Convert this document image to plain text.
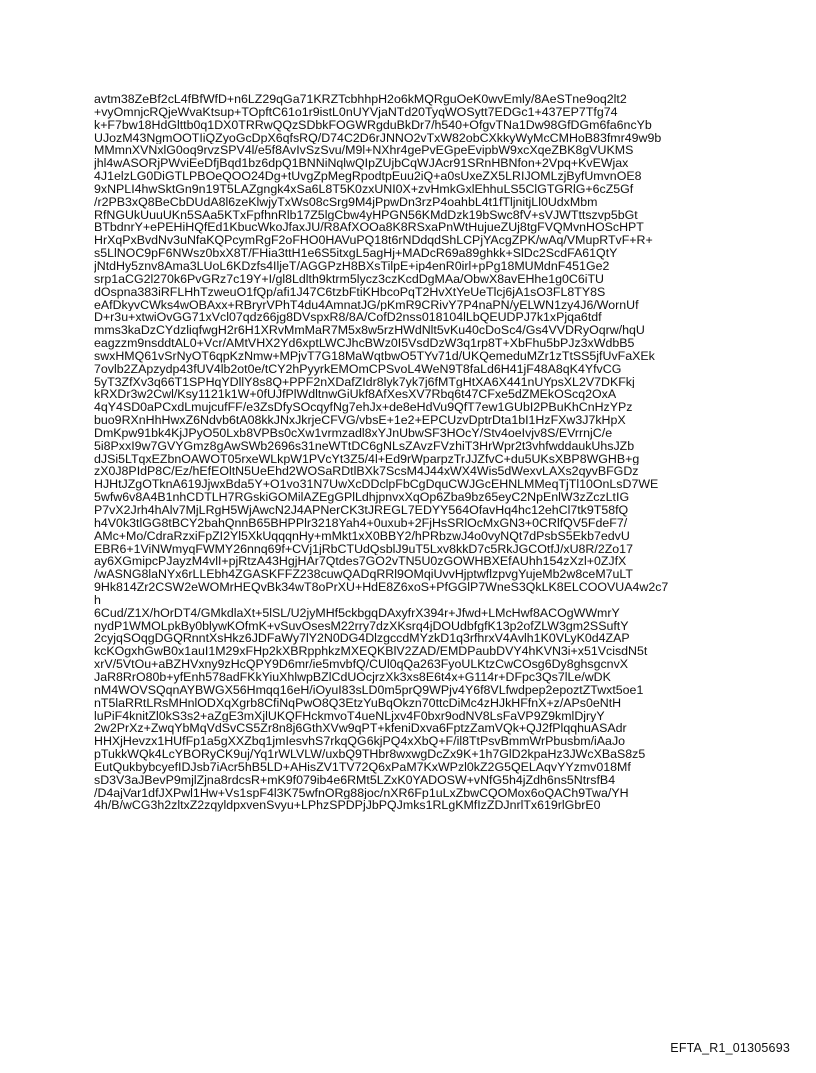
avtm38ZeBf2cL4fBfWfD+n6LZ29qGa71KRZTcbhhpH2o6kMQRguOeK0wvEmly/8AeSTne9oq2lt2
+vyOmnjcRQjeWvaKtsup+TOpftC61o1r9istL0nUYVjaNTd20TyqWOSytt7EDGc1+437EP7Tfg74
k+F7bw18HdGlttb0q1DX0TRRwQQzSDbkFOGWRgduBkDr7/h540+OfgvTNa1Dw98GfDGm6fa6ncYb
UJozM43NgmOOTIiQZyoGcDpX6qfsRQ/D74C2D6rJNNO2vTxW82obCXkkyWyMcCMHoB83fmr49w9b
MMmnXVNxlG0oq9rvzSPV4l/e5f8AvIvSzSvu/M9l+NXhr4gePvEGpeEvipbW9xcXqeZBK8gVUKMS
jhl4wASORjPWviEeDfjBqd1bz6dpQ1BNNiNqlwQIpZUjbCqWJAcr91SRnHBNfon+2Vpq+KvEWjax
4J1elzLG0DiGTLPBOeQOO24Dg+tUvgZpMegRpodtpEuu2iQ+a0sUxeZX5LRIJOMLzjByfUmvnOE8
9xNPLI4hwSktGn9n19T5LAZgngk4xSa6L8T5K0zxUNI0X+zvHmkGxlEhhuLS5ClGTGRlG+6cZ5Gf
/r2PB3xQ8BeCbDUdA8l6zeKlwjyTxWs08cSrg9M4jPpwDn3rzP4oahbL4t1fTljnitjLl0UdxMbm
RfNGUkUuuUKn5SAa5KTxFpfhnRlb17Z5lgCbw4yHPGN56KMdDzk19bSwc8fV+sVJWTttszvp5bGt
BTbdnrY+ePEHiHQfEd1KbucWkoJfaxJU/R8AfXOOa8K8RSxaPnWtHujueZUj8tgFVQMvnHOScHPT
HrXqPxBvdNv3uNfaKQPcymRgF2oFHO0HAVuPQ18t6rNDdqdShLCPjYAcgZPK/wAq/VMupRTvF+R+
s5LlNOC9pF6NWsz0bxX8T/FHia3ttH1e6S5itxgL5agHj+MADcR69a89ghkk+SlDc2ScdFA61QtY
jNtdHy5znv8Ama3LUoL6KDzfs4IljeT/AGGPzH8BXsTilpE+ip4enR0irl+pPg18MUMdnF451Ge2
srp1aCG2l270k6PvGRz7c19Y+I/gl8Ldlth9ktrm5lycz3czKcdDgMAa/ObwX8avEHhe1g0C6iTU
dOspna383iRFLHhTzweuO1fQp/afi1J47C6tzbFtiKHbcoPqT2HvXtYeUeTlcj6jA1sO3FL8TY8S
eAfDkyvCWks4wOBAxx+RBryrVPhT4du4AmnatJG/pKmR9CRivY7P4naPN/yELWN1zy4J6/WornUf
D+r3u+xtwiOvGG71xVcl07qdz66jg8DVspxR8/8A/CofD2nss018104lLbQEUDPJ7k1xPjqa6tdf
mms3kaDzCYdzliqfwgH2r6H1XRvMmMaR7M5x8w5rzHWdNlt5vKu40cDoSc4/Gs4VVDRyOqrw/hqU
eagzzm9nsddtAL0+Vcr/AMtVHX2Yd6xptLWCJhcBWz0I5VsdDzW3q1rp8T+XbFhu5bPJz3xWdbB5
swxHMQ61vSrNyOT6qpKzNmw+MPjvT7G18MaWqtbwO5TYv71d/UKQemeduMZr1zTtSS5jfUvFaXEk
7ovlb2ZApzydp43fUV4lb2ot0e/tCY2hPyyrkEMOmCPSvoL4WeN9T8faLd6H41jF48A8qK4YfvCG
5yT3ZfXv3q66T1SPHqYDllY8s8Q+PPF2nXDafZIdr8lyk7yk7j6fMTgHtXA6X441nUYpsXL2V7DKFkj
kRXDr3w2Cwl/Ksy1121k1W+0fUJfPlWdltnwGiUkf8AfXesXV7Rbq6t47CFxe5dZMEkOScq2OxA
4qY4SD0aPCxdLmujcufFF/e3ZsDfySOcqyfNg7ehJx+de8eHdVu9QfT7ew1GUbI2PBuKhCnHzYPz
buo9RXnHhHwxZ6Ndvb6tA08kkJNxJkrjeCFVG/vbsE+1e2+EPCUzvDptrDta1bI1HzFXw3J7kHpX
DmKpw91bk4KjJPyO50Lxb8VPBs0cXw1vrmzadl8xYJnUbwSF3HOcY/Stv4oeIvjv8S/EVrrnjC/e
5i8PxxI9w7GVYGmz8gAwSWb2696s31neWTtDC6gNLsZAvzFVzhiT3HrWpr2t3vhfwddaukUhsJZb
dJSi5LTqxEZbnOAWOT05rxeWLkpW1PVcYt3Z5/4l+Ed9rWparpzTrJJZfvC+du5UKsXBP8WGHB+g
zX0J8PIdP8C/Ez/hEfEOltN5UeEhd2WOSaRDtlBXk7ScsM4J44xWX4Wis5dWexvLAXs2qyvBFGDz
HJHtJZgOTknA619JjwxBda5Y+O1vo31N7UwXcDDclpFbCgDquCWJGcEHNLMMeqTjTl10OnLsD7WE
5wfw6v8A4B1nhCDTLH7RGskiGOMilAZEgGPlLdhjpnvxXqOp6Zba9bz65eyC2NpEnlW3zZczLtIG
P7vX2Jrh4hAlv7MjLRgH5WjAwcN2J4APNerCK3tJREGL7EDYY564OfavHq4hc12ehCl7tk9T58fQ
h4V0k3tlGG8tBCY2bahQnnB65BHPPlr3218Yah4+0uxub+2FjHsSRlOcMxGN3+0CRlfQV5FdeF7/
AMc+Mo/CdraRzxiFpZI2Yl5XkUqqqnHy+mMkt1xX0BBY2/hPRbzwJ4o0vyNQt7dPsbS5Ekb7edvU
EBR6+1ViNWmyqFWMY26nnq69f+CVj1jRbCTUdQsblJ9uT5Lxv8kkD7c5RkJGCOtfJ/xU8R/2Zo17
ay6XGmipcPJayzM4vlI+pjRtzA43HgjHAr7Qtdes7GO2vTN5U0zGOWHBXEfAUhh154zXzl+0ZJfX
/wASNG8laNYx6rLLEbh4ZGASKFFZ238cuwQADqRRl9OMqiUvvHjptwflzpvgYujeMb2w8ceM7uLT
9Hk814Zr2CSW2eWOMrHEQvBk34wT8oPrXU+HdE8Z6xoS+PfGGlP7WneS3QkLK8ELCOOVUA4w2c7
h
6Cud/Z1X/hOrDT4/GMkdlaXt+5lSL/U2jyMHf5ckbgqDAxyfrX394r+Jfwd+LMcHwf8ACOgWWmrY
nydP1WMOLpkBy0blywKOfmK+vSuvOsesM22rry7dzXKsrq4jDOUdbfgfK13p2ofZLW3gm2SSuftY
2cyjqSOqgDGQRnntXsHkz6JDFaWy7lY2N0DG4DlzgccdMYzkD1q3rfhrxV4Avlh1K0VLyK0d4ZAP
kcKOgxhGwB0x1auI1M29xFHp2kXBRpphkzMXEQKBlV2ZAD/EMDPaubDVY4hKVN3i+x51VcisdN5t
xrV/5VtOu+aBZHVxny9zHcQPY9D6mr/ie5mvbfQ/CUl0qQa263FyoULKtzCwCOsg6Dy8ghsgcnvX
JaR8RrO80b+yfEnh578adFKkYiuXhlwpBZlCdUOcjrzXk3xs8E6t4x+G114r+DFpc3Qs7lLe/wDK
nM4WOVSQqnAYBWGX56Hmqq16eH/iOyuI83sLD0m5prQ9WPjv4Y6f8VLfwdpep2epoztZTwxt5oe1
nT5laRRtLRsMHnlODXqXgrb8CfiNqPwO8Q3EtzYuBqOkzn70ttcDiMc4zHJkHFfnX+z/APs0eNtH
luPiF4knitZl0kS3s2+aZgE3mXjlUKQFHckmvoT4ueNLjxv4F0bxr9odNV8LsFaVP9Z9kmlDjryY
2w2PrXz+ZwqYbMqVdSvCS5Zr8n8j6GthXVw9qPT+kfeniDxva6FptzZamVQk+QJ2fPlqqhuASAdr
HHXjHevzx1HUfFp1a5gXXZbq1jmIesvhS7rkqQG6kjPQ4xXbQ+F/il8TtPsvBmmWrPbusbm/iAaJo
pTukkWQk4LcYBORyCK9uj/Yq1rWLVLW/uxbQ9THbr8wxwgDcZx9K+1h7GlD2kpaHz3JWcXBaS8z5
EutQukbybcyefIDJsb7iAcr5hB5LD+AHisZV1TV72Q6xPaM7KxWPzl0kZ2G5QELAqvYYzmv018Mf
sD3V3aJBevP9mjlZjna8rdcsR+mK9f079ib4e6RMt5LZxK0YADOSW+vNfG5h4jZdh6ns5NtrsfB4
/D4ajVar1dfJXPwl1Hw+Vs1spF4l3K75wfnORg88joc/nXR6Fp1uLxZbwCQOMox6oQACh9Twa/YH
4h/B/wCG3h2zltxZ2zqyldpxvenSvyu+LPhzSPDPjJbPQJmks1RLgKMfIzZDJnrlTx619rlGbrE0
EFTA_R1_01305693
